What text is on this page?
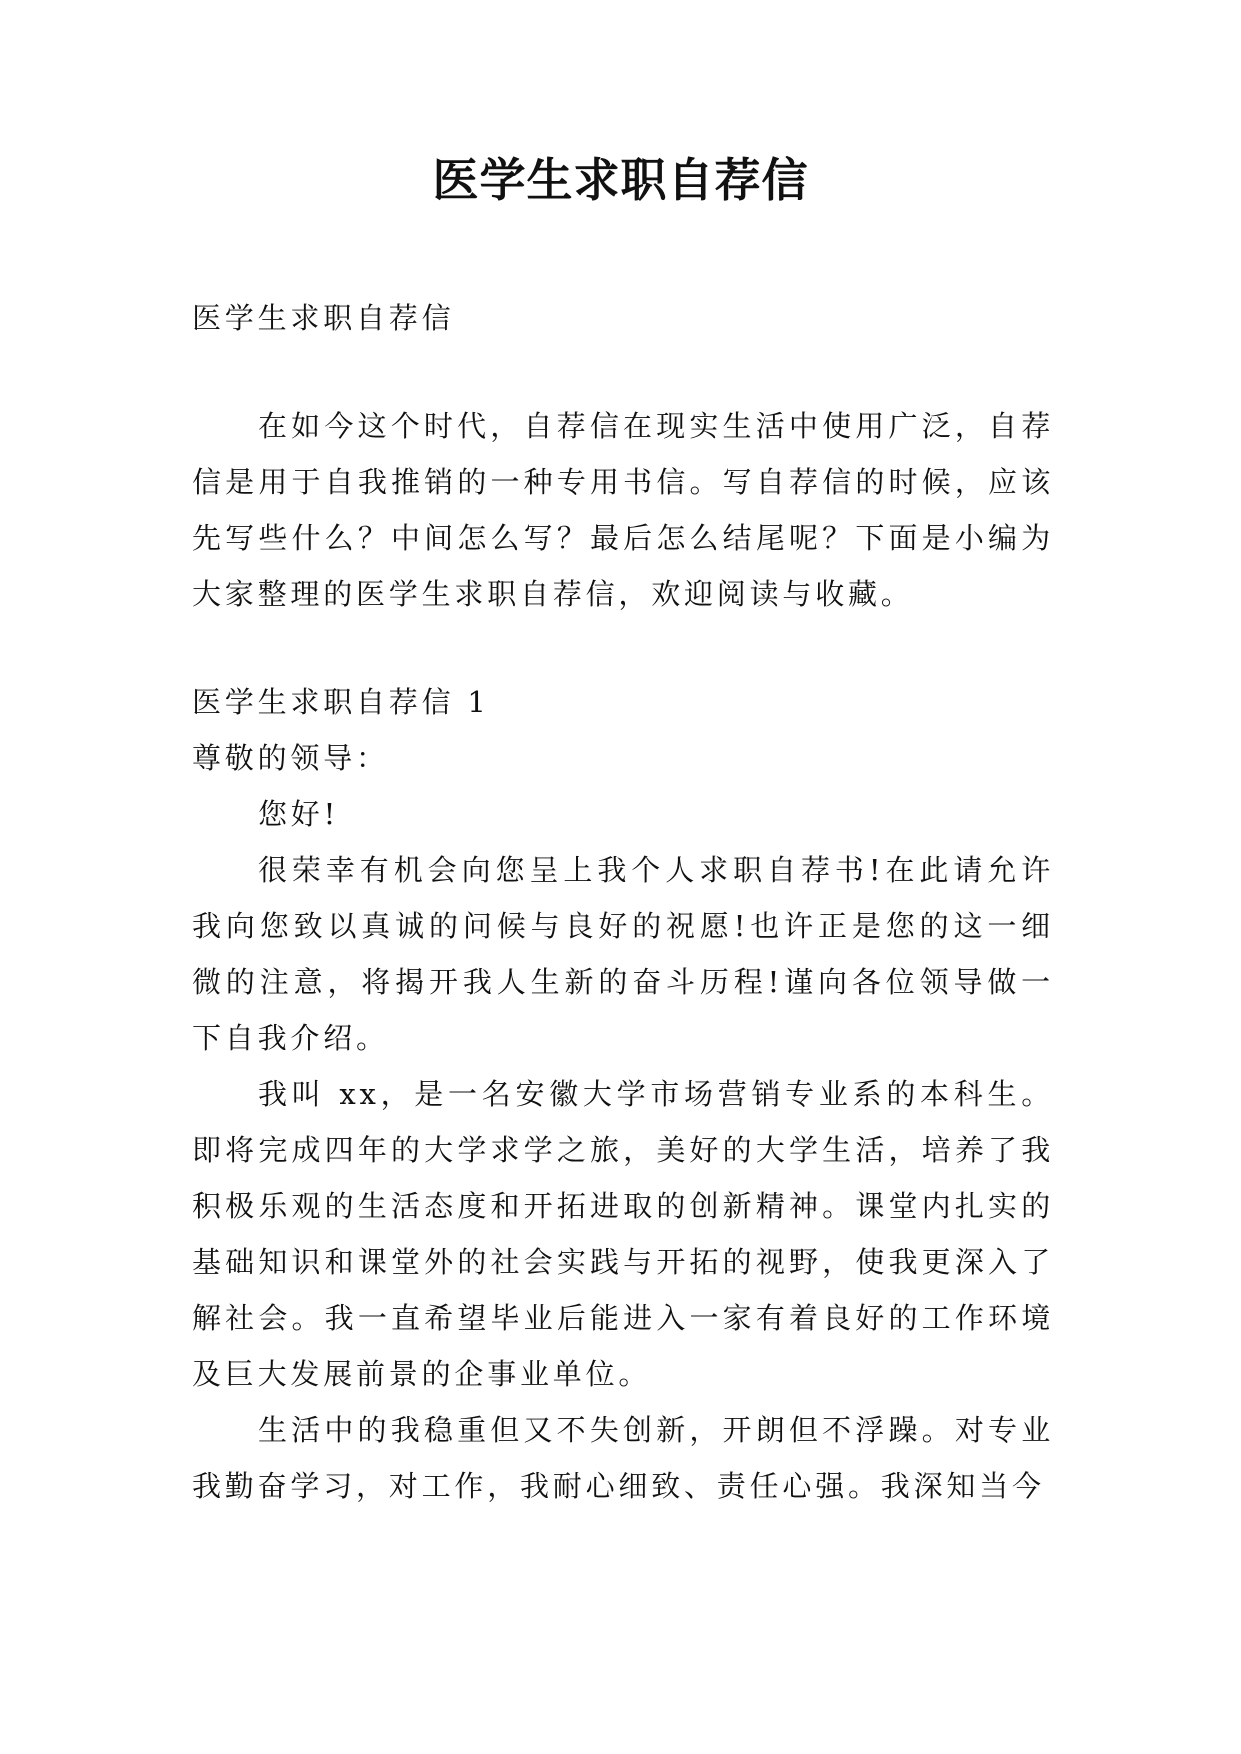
医学生求职自荐信

医学生求职自荐信

在如今这个时代，自荐信在现实生活中使用广泛，自荐信是用于自我推销的一种专用书信。写自荐信的时候，应该先写些什么？中间怎么写？最后怎么结尾呢？下面是小编为大家整理的医学生求职自荐信，欢迎阅读与收藏。

医学生求职自荐信 1

尊敬的领导：

您好!

很荣幸有机会向您呈上我个人求职自荐书!在此请允许我向您致以真诚的问候与良好的祝愿!也许正是您的这一细微的注意，将揭开我人生新的奋斗历程!谨向各位领导做一下自我介绍。

我叫 xx，是一名安徽大学市场营销专业系的本科生。即将完成四年的大学求学之旅，美好的大学生活，培养了我积极乐观的生活态度和开拓进取的创新精神。课堂内扎实的基础知识和课堂外的社会实践与开拓的视野，使我更深入了解社会。我一直希望毕业后能进入一家有着良好的工作环境及巨大发展前景的企事业单位。

生活中的我稳重但又不失创新，开朗但不浮躁。对专业我勤奋学习，对工作，我耐心细致、责任心强。我深知当今
